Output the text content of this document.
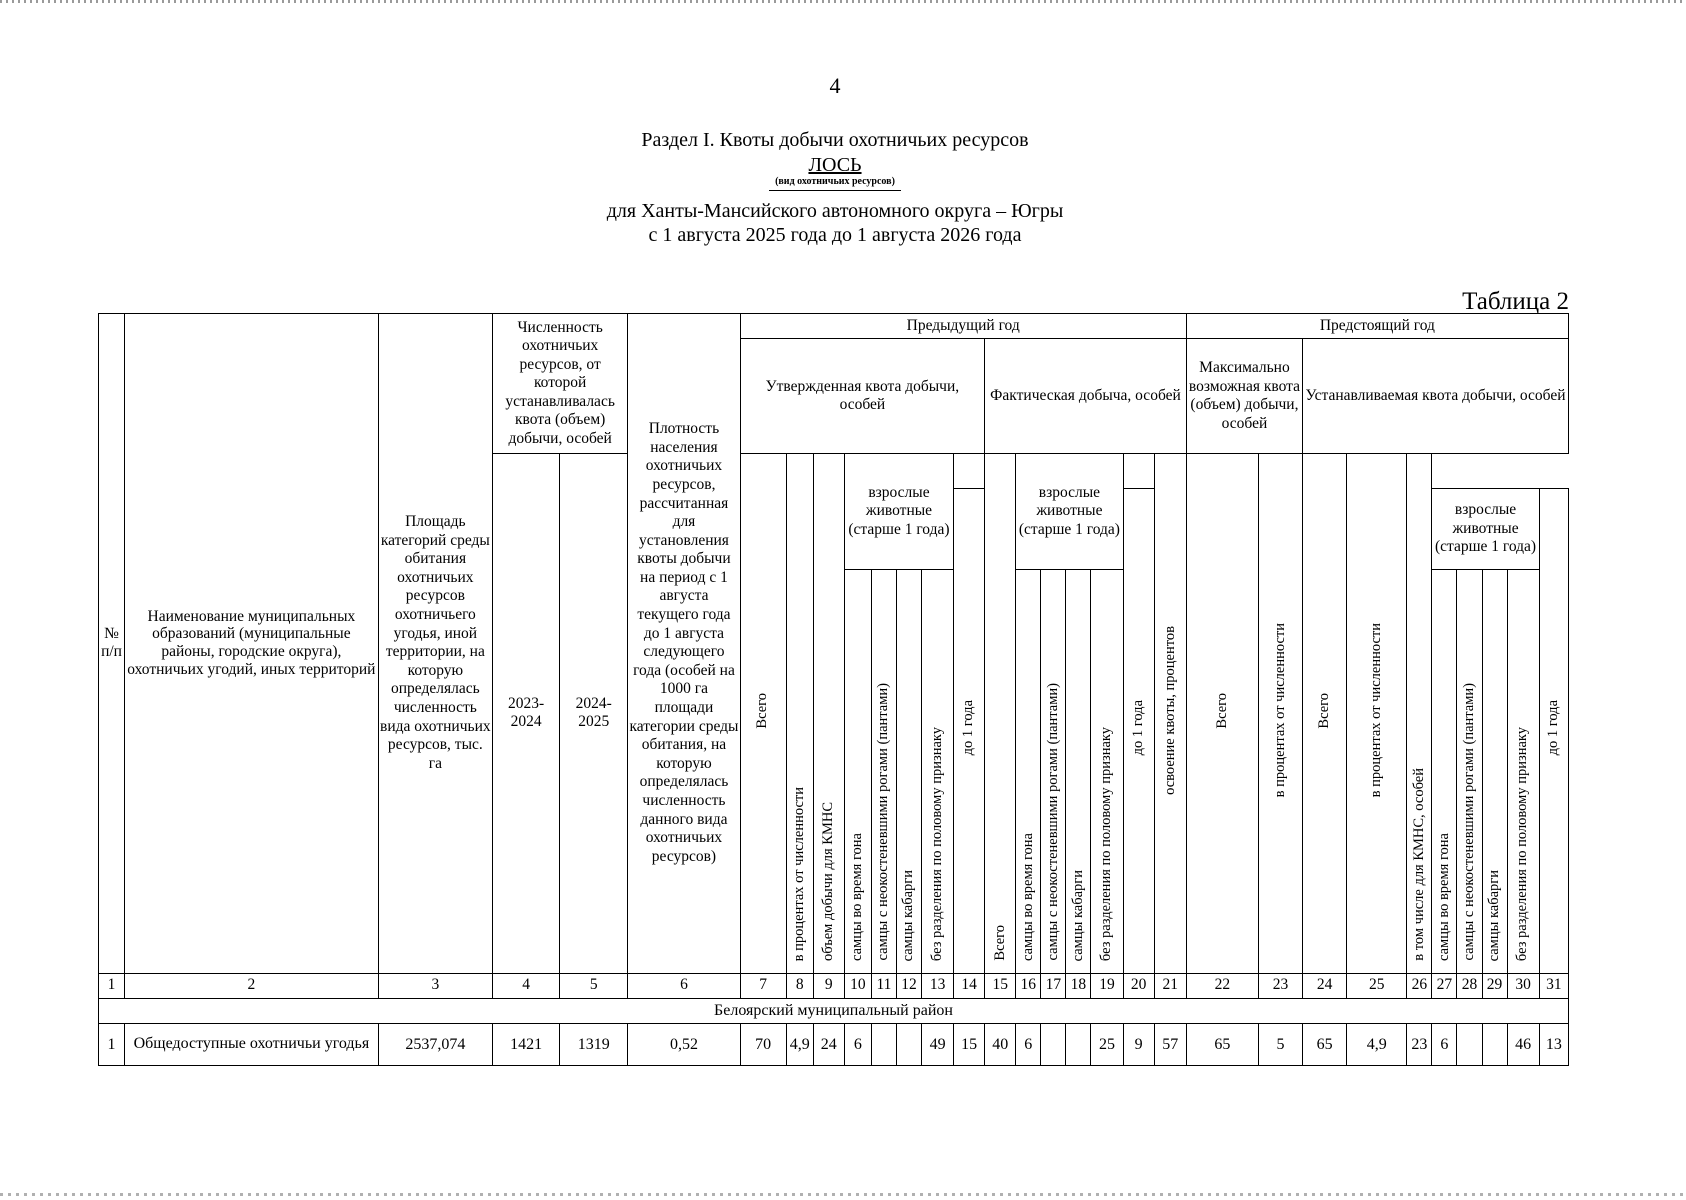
4
Раздел I. Квоты добычи охотничьих ресурсов
ЛОСЬ
(вид охотничьих ресурсов)
для Ханты-Мансийского автономного округа – Югры
с 1 августа 2025 года до 1 августа 2026 года
Таблица 2
№ п/п	Наименование муниципальных образований (муниципальные районы, городские округа), охотничьих угодий, иных территорий	Площадь категорий среды обитания охотничьих ресурсов охотничьего угодья, иной территории, на которую определялась численность вида охотничьих ресурсов, тыс. га	Численность охотничьих ресурсов, от которой устанавливалась квота (объем) добычи, особей		Плотность населения охотничьих ресурсов, рассчитанная для установления квоты добычи на период с 1 августа текущего года до 1 августа следующего года (особей на 1000 га площади категории среды обитания, на которую определялась численность данного вида охотничьих ресурсов)	Предыдущий год															Предстоящий год									
						Утвержденная квота добычи, особей								Фактическая добыча, особей							Максимально возможная квота (объем) добычи, особей		Устанавливаемая квота добычи, особей							
			2023-2024	2024-2025		Всего	в процентах от численности	объем добычи для КМНС	взрослые животные (старше 1 года)					Всего	взрослые животные (старше 1 года)					освоение квоты, процентов	Всего	в процентах от численности	Всего	в процентах от численности	в том числе для КМНС, особей					
													до 1 года						до 1 года							взрослые животные (старше 1 года)				до 1 года
									самцы во время гона	самцы с неокостеневшими рогами (пантами)	самцы кабарги	без разделения по половому признаку			самцы во время гона	самцы с неокостеневшими рогами (пантами)	самцы кабарги	без разделения по половому признаку								самцы во время гона	самцы с неокостеневшими рогами (пантами)	самцы кабарги	без разделения по половому признаку	
1	2	3	4	5	6	7	8	9	10	11	12	13	14	15	16	17	18	19	20	21	22	23	24	25	26	27	28	29	30	31
Белоярский муниципальный район																														
1	Общедоступные охотничьи угодья	2537,074	1421	1319	0,52	70	4,9	24	6			49	15	40	6			25	9	57	65	5	65	4,9	23	6			46	13
